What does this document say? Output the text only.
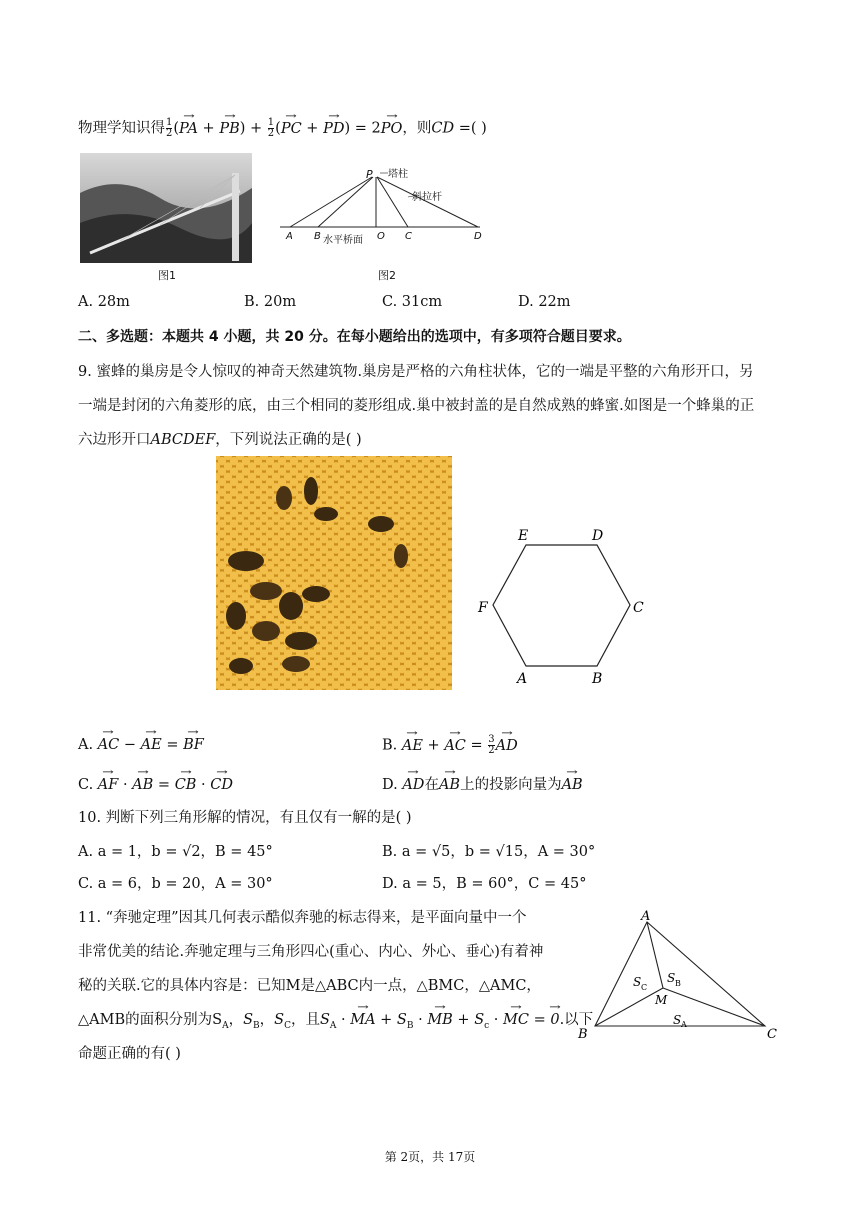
物理学知识得 $\frac{1}{2}$ (→ PA + → $PB) + \frac{1}{2}$ (→ PC + → PD) = 2→ PO，则CD =( )
图1
P 塔柱
斜拉杆
A B 水平桥面 O C	D
图2
A. 28m	B. 20m	C. 31cm	D. 22m
二、多选题：本题共 4 小题，共 20 分。在每小题给出的选项中，有多项符合题目要求。
9. 蜜蜂的巢房是令人惊叹的神奇天然建筑物.巢房是严格的六角柱状体，它的一端是平整的六角形开口，另
一端是封闭的六角菱形的底，由三个相同的菱形组成.巢中被封盖的是自然成熟的蜂蜜.如图是一个蜂巢的正
六边形开口ABCDEF，下列说法正确的是( )
E	D
C
F
A	B
A. → AC − → AE = → BF	B. → AE + → AC = $\frac{3}{2}$
→ AD
C. → AF · → AB = → CB · → CD	D. → AD在→ AB上的投影向量为→ AB
10. 判断下列三角形解的情况，有且仅有一解的是( )
A. a = 1，b = √2，B = 45°	B. a = √5，b = √15，A = 30°
C. a = 6，b = 20，A = 30°	D. a = 5，B = 60°，C = 45°
11. “奔驰定理”因其几何表示酷似奔驰的标志得来，是平面向量中一个
非常优美的结论.奔驰定理与三角形四心(重心、内心、外心、垂心)有着神
秘的关联.它的具体内容是：已知M是△ABC内一点，△BMC，△AMC，
△AMB的面积分别为$S_A$，$S_B$，$S_C$，且$S_A$ · → MA + $S_B$ · → MB + $S_c$ · → MC = → 0.以下
命题正确的有( )
A
B	C
M
S C
S B
S A
第 2页，共 17页
